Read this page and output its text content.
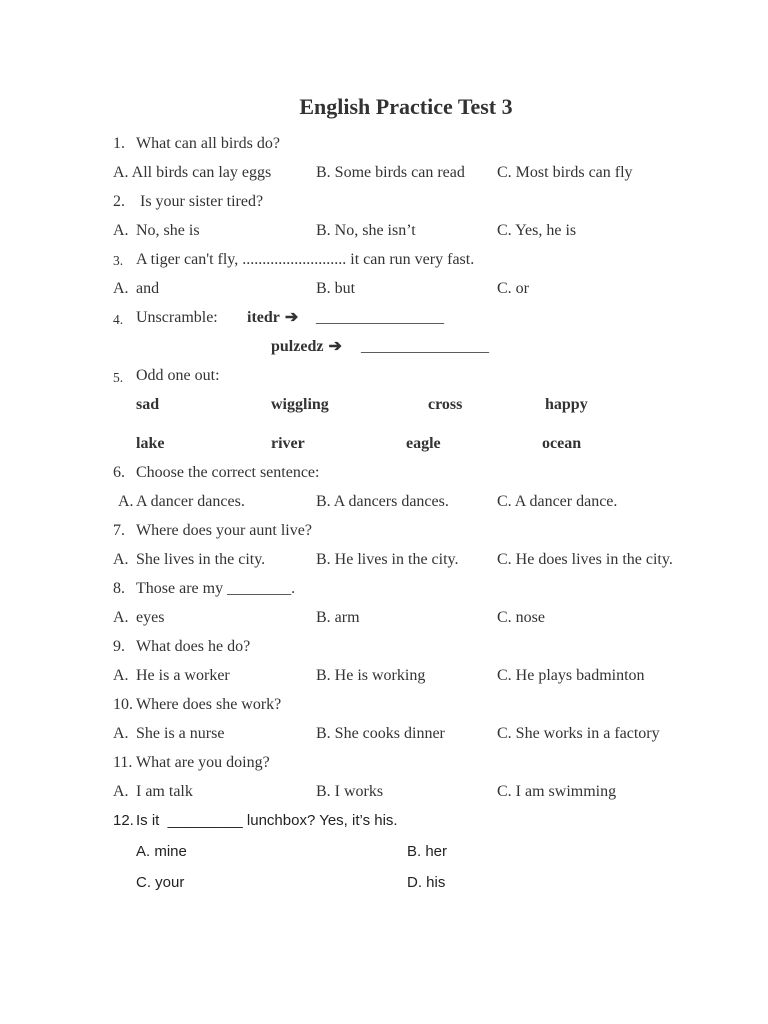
English Practice Test 3
1. What can all birds do?
A. All birds can lay eggs	B. Some birds can read C. Most birds can fly
2. Is your sister tired?
A. No, she is	B. No, she isn’t	C. Yes, he is
3. A tiger can't fly, .......................... it can run very fast.
A. and	B. but	C. or
4. Unscramble: itedr ➔ ________________
pulzedz ➔ ________________
5. Odd one out:
sad	wiggling	cross	happy
lake	river	eagle	ocean
6. Choose the correct sentence:
A. A dancer dances.	B. A dancers dances.	C. A dancer dance.
7. Where does your aunt live?
A. She lives in the city.	B. He lives in the city. C. He does lives in the city.
8. Those are my ________.
A. eyes	B. arm	C. nose
9. What does he do?
A. He is a worker	B. He is working	C. He plays badminton
10. Where does she work?
A. She is a nurse	B. She cooks dinner	C. She works in a factory
11. What are you doing?
A. I am talk	B. I works	C. I am swimming
12. Is it  _________ lunchbox? Yes, it’s his.
A. mine	B. her
C. your	D. his
